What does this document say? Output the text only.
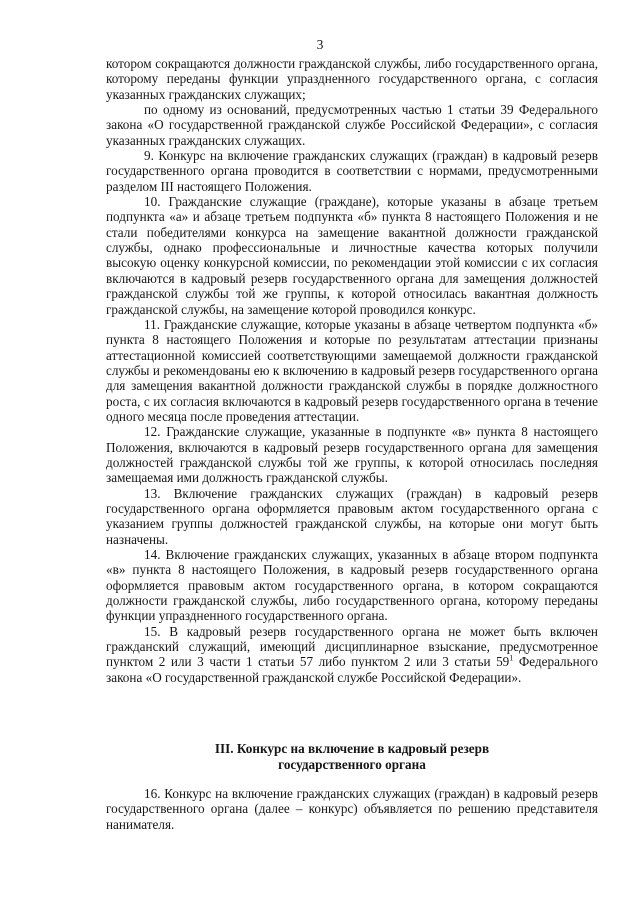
3

котором сокращаются должности гражданской службы, либо государственного органа, которому переданы функции упраздненного государственного органа, с согласия указанных гражданских служащих;

по одному из оснований, предусмотренных частью 1 статьи 39 Федерального закона «О государственной гражданской службе Российской Федерации», с согласия указанных гражданских служащих.

9. Конкурс на включение гражданских служащих (граждан) в кадровый резерв государственного органа проводится в соответствии с нормами, предусмотренными разделом III настоящего Положения.

10. Гражданские служащие (граждане), которые указаны в абзаце третьем подпункта «а» и абзаце третьем подпункта «б» пункта 8 настоящего Положения и не стали победителями конкурса на замещение вакантной должности гражданской службы, однако профессиональные и личностные качества которых получили высокую оценку конкурсной комиссии, по рекомендации этой комиссии с их согласия включаются в кадровый резерв государственного органа для замещения должностей гражданской службы той же группы, к которой относилась вакантная должность гражданской службы, на замещение которой проводился конкурс.

11. Гражданские служащие, которые указаны в абзаце четвертом подпункта «б» пункта 8 настоящего Положения и которые по результатам аттестации признаны аттестационной комиссией соответствующими замещаемой должности гражданской службы и рекомендованы ею к включению в кадровый резерв государственного органа для замещения вакантной должности гражданской службы в порядке должностного роста, с их согласия включаются в кадровый резерв государственного органа в течение одного месяца после проведения аттестации.

12. Гражданские служащие, указанные в подпункте «в» пункта 8 настоящего Положения, включаются в кадровый резерв государственного органа для замещения должностей гражданской службы той же группы, к которой относилась последняя замещаемая ими должность гражданской службы.

13. Включение гражданских служащих (граждан) в кадровый резерв государственного органа оформляется правовым актом государственного органа с указанием группы должностей гражданской службы, на которые они могут быть назначены.

14. Включение гражданских служащих, указанных в абзаце втором подпункта «в» пункта 8 настоящего Положения, в кадровый резерв государственного органа оформляется правовым актом государственного органа, в котором сокращаются должности гражданской службы, либо государственного органа, которому переданы функции упраздненного государственного органа.

15. В кадровый резерв государственного органа не может быть включен гражданский служащий, имеющий дисциплинарное взыскание, предусмотренное пунктом 2 или 3 части 1 статьи 57 либо пунктом 2 или 3 статьи $59^1$ Федерального закона «О государственной гражданской службе Российской Федерации».

III. Конкурс на включение в кадровый резерв
государственного органа

16. Конкурс на включение гражданских служащих (граждан) в кадровый резерв государственного органа (далее – конкурс) объявляется по решению представителя нанимателя.
